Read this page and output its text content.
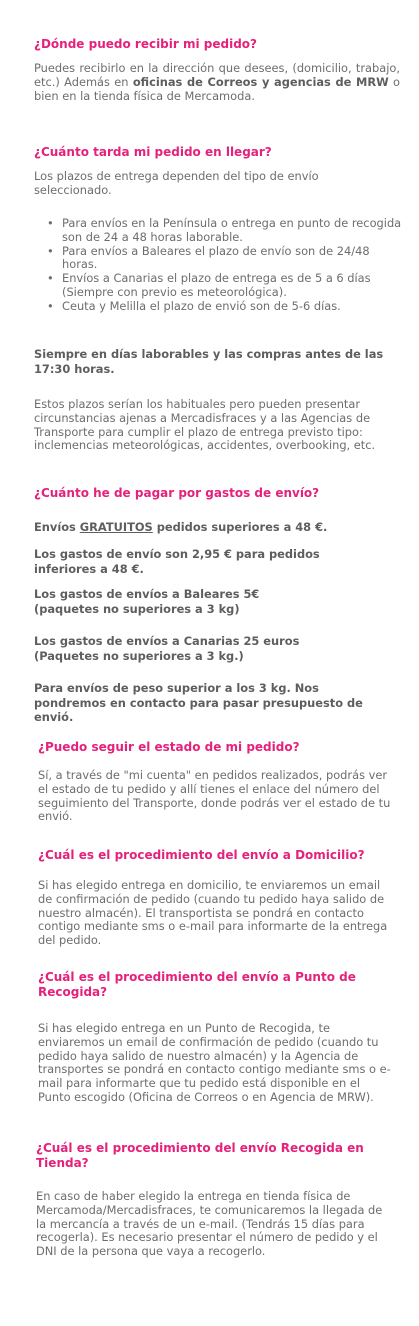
¿Dónde puedo recibir mi pedido?

Puedes recibirlo en la dirección que desees, (domicilio, trabajo, etc.) Además en oficinas de Correos y agencias de MRW o bien en la tienda física de Mercamoda.

¿Cuánto tarda mi pedido en llegar?

Los plazos de entrega dependen del tipo de envío seleccionado.

• Para envíos en la Península o entrega en punto de recogida son de 24 a 48 horas laborable.
• Para envíos a Baleares el plazo de envío son de 24/48 horas.
• Envíos a Canarias el plazo de entrega es de 5 a 6 días (Siempre con previo es meteorológica).
• Ceuta y Melilla el plazo de envió son de 5-6 días.

Siempre en días laborables y las compras antes de las 17:30 horas.

Estos plazos serían los habituales pero pueden presentar circunstancias ajenas a Mercadisfraces y a las Agencias de Transporte para cumplir el plazo de entrega previsto tipo: inclemencias meteorológicas, accidentes, overbooking, etc.

¿Cuánto he de pagar por gastos de envío?

Envíos GRATUITOS pedidos superiores a 48 €.

Los gastos de envío son 2,95 € para pedidos inferiores a 48 €.

Los gastos de envíos a Baleares 5€
(paquetes no superiores a 3 kg)

Los gastos de envíos a Canarias 25 euros
(Paquetes no superiores a 3 kg.)

Para envíos de peso superior a los 3 kg. Nos pondremos en contacto para pasar presupuesto de envió.

¿Puedo seguir el estado de mi pedido?

Sí, a través de "mi cuenta" en pedidos realizados, podrás ver el estado de tu pedido y allí tienes el enlace del número del seguimiento del Transporte, donde podrás ver el estado de tu envió.

¿Cuál es el procedimiento del envío a Domicilio?

Si has elegido entrega en domicilio, te enviaremos un email de confirmación de pedido (cuando tu pedido haya salido de nuestro almacén). El transportista se pondrá en contacto contigo mediante sms o e-mail para informarte de la entrega del pedido.

¿Cuál es el procedimiento del envío a Punto de Recogida?

Si has elegido entrega en un Punto de Recogida, te enviaremos un email de confirmación de pedido (cuando tu pedido haya salido de nuestro almacén) y la Agencia de transportes se pondrá en contacto contigo mediante sms o e-mail para informarte que tu pedido está disponible en el Punto escogido (Oficina de Correos o en Agencia de MRW).

¿Cuál es el procedimiento del envío Recogida en Tienda?

En caso de haber elegido la entrega en tienda física de Mercamoda/Mercadisfraces, te comunicaremos la llegada de la mercancía a través de un e-mail. (Tendrás 15 días para recogerla). Es necesario presentar el número de pedido y el DNI de la persona que vaya a recogerlo.
